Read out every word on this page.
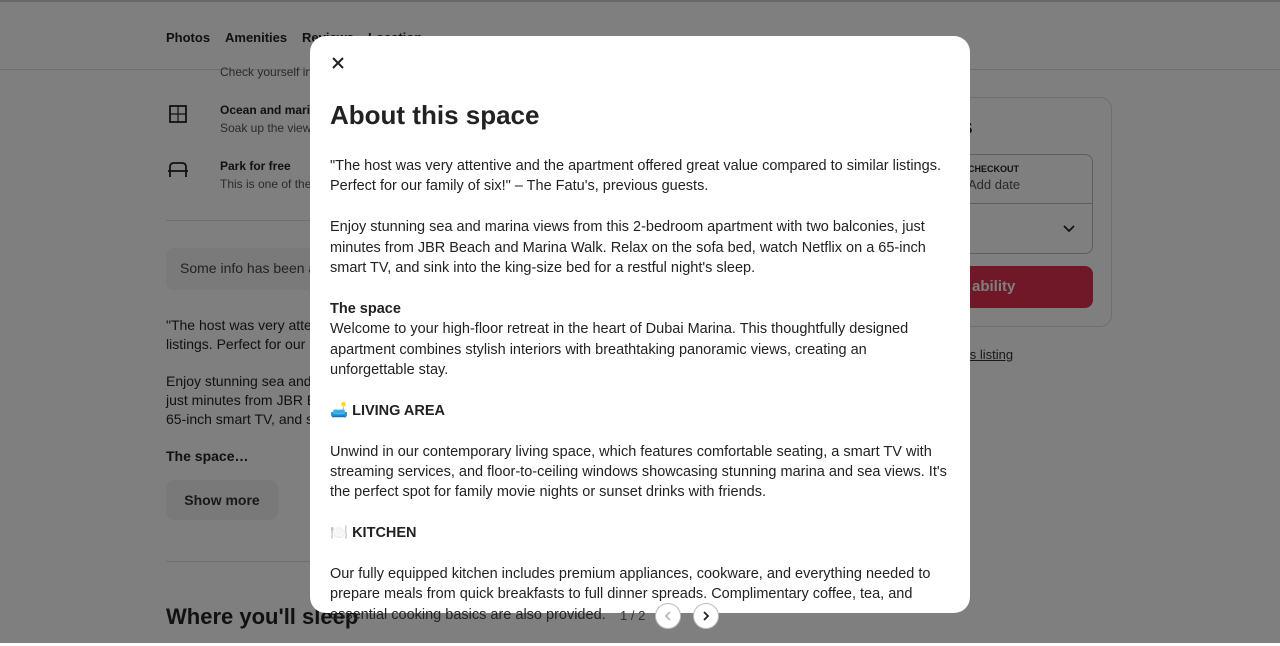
About this space

"The host was very attentive and the apartment offered great value compared to similar listings. Perfect for our family of six!" – The Fatu's, previous guests.

Enjoy stunning sea and marina views from this 2-bedroom apartment with two balconies, just minutes from JBR Beach and Marina Walk. Relax on the sofa bed, watch Netflix on a 65-inch smart TV, and sink into the king-size bed for a restful night's sleep.

The space
Welcome to your high-floor retreat in the heart of Dubai Marina. This thoughtfully designed apartment combines stylish interiors with breathtaking panoramic views, creating an unforgettable stay.

🛋️ LIVING AREA

Unwind in our contemporary living space, which features comfortable seating, a smart TV with streaming services, and floor-to-ceiling windows showcasing stunning marina and sea views. It's the perfect spot for family movie nights or sunset drinks with friends.

🍽️ KITCHEN

Our fully equipped kitchen includes premium appliances, cookware, and everything needed to prepare meals from quick breakfasts to full dinner spreads. Complimentary coffee, tea, and essential cooking basics are also provided.	1 / 2
